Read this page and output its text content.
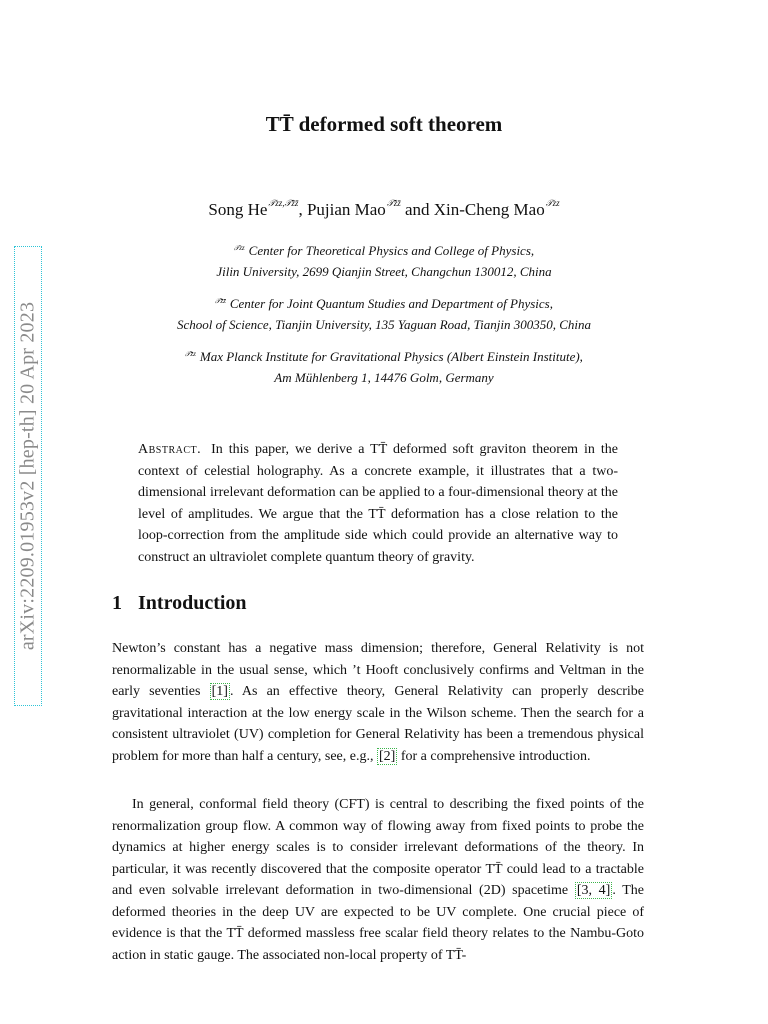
arXiv:2209.01953v2 [hep-th] 20 Apr 2023
TT̄ deformed soft theorem
Song $He^{𝒯zz,𝒯z̄z̄}$, Pujian Mao$^{𝒯z̄z̄}$ and Xin-Cheng Mao$^{𝒯zz}$
$^{𝒯zz}$ Center for Theoretical Physics and College of Physics,
Jilin University, 2699 Qianjin Street, Changchun 130012, China
$^{𝒯z̄z̄}$ Center for Joint Quantum Studies and Department of Physics,
School of Science, Tianjin University, 135 Yaguan Road, Tianjin 300350, China
$^{𝒯z̄z}$ Max Planck Institute for Gravitational Physics (Albert Einstein Institute),
Am Mühlenberg 1, 14476 Golm, Germany
Abstract. In this paper, we derive a TT̄ deformed soft graviton theorem in the context of celestial holography. As a concrete example, it illustrates that a two-dimensional irrelevant deformation can be applied to a four-dimensional theory at the level of amplitudes. We argue that the TT̄ deformation has a close relation to the loop-correction from the amplitude side which could provide an alternative way to construct an ultraviolet complete quantum theory of gravity.
1 Introduction
Newton’s constant has a negative mass dimension; therefore, General Relativity is not renormalizable in the usual sense, which ’t Hooft conclusively confirms and Veltman in the early seventies [1] . As an effective theory, General Relativity can properly describe gravitational interaction at the low energy scale in the Wilson scheme. Then the search for a consistent ultraviolet (UV) completion for General Relativity has been a tremendous physical problem for more than half a century, see, e.g., [2] for a comprehensive introduction.
In general, conformal field theory (CFT) is central to describing the fixed points of the renormalization group flow. A common way of flowing away from fixed points to probe the dynamics at higher energy scales is to consider irrelevant deformations of the theory. In particular, it was recently discovered that the composite operator TT̄ could lead to a tractable and even solvable irrelevant deformation in two-dimensional (2D) spacetime [3, 4] . The deformed theories in the deep UV are expected to be UV complete. One crucial piece of evidence is that the TT̄ deformed massless free scalar field theory relates to the Nambu-Goto action in static gauge. The associated non-local property of TT̄-
